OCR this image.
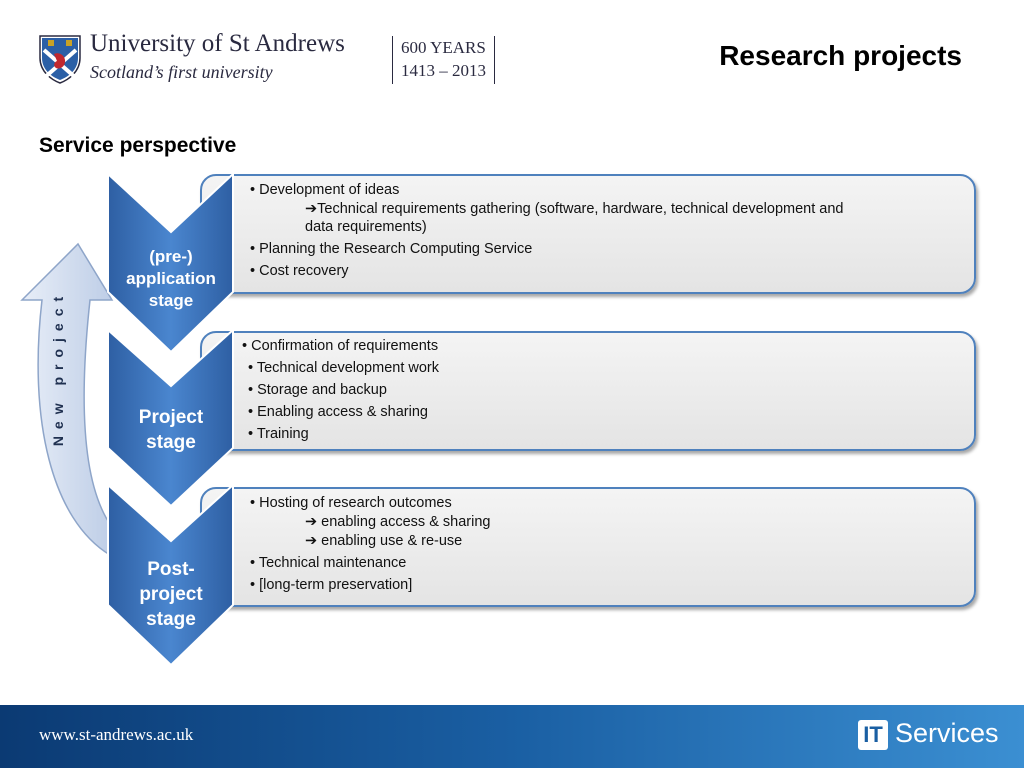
University of St Andrews
Scotland’s first university
600 YEARS
1413 – 2013	Research projects
Service perspective
New project
• Development of ideas
➔Technical requirements gathering (software, hardware, technical development and
data requirements)
• Planning the Research Computing Service
• Cost recovery
• Confirmation of requirements
• Technical development work
• Storage and backup
• Enabling access & sharing
• Training
• Hosting of research outcomes
➔ enabling access & sharing
➔ enabling use & re-use
• Technical maintenance
• [long-term preservation]
(pre-)
application
stage
Project
stage
Post-
project
stage
www.st-andrews.ac.uk	IT Services
